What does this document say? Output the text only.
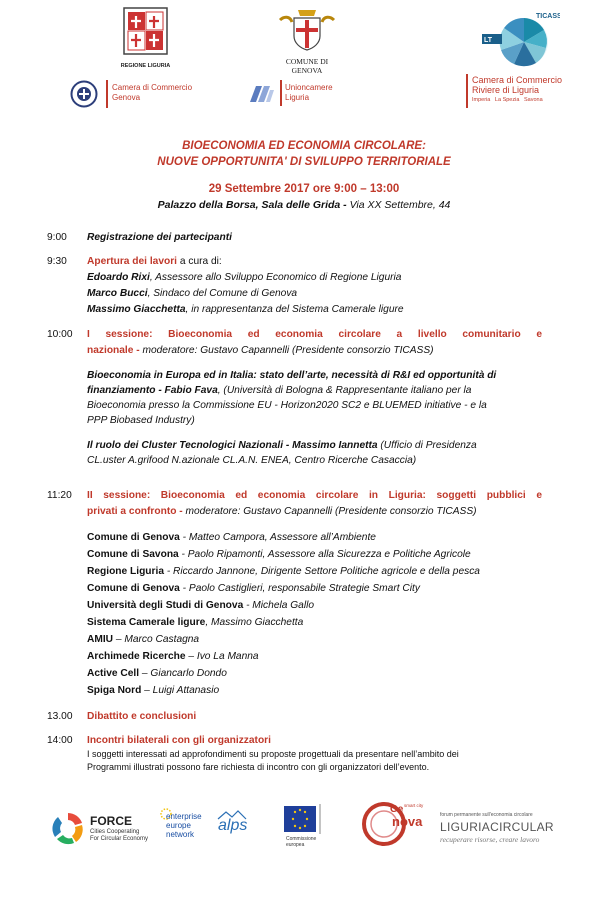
REGIONE LIGURIA	COMUNE DI GENOVA
LT
TICASS
Camera di Commercio
Genova
Unioncamere
Liguria
Camera di Commercio
Riviere di Liguria
Imperia   La Spezia   Savona
BIOECONOMIA ED ECONOMIA CIRCOLARE:
NUOVE OPPORTUNITA' DI SVILUPPO TERRITORIALE
29 Settembre 2017 ore 9:00 – 13:00
Palazzo della Borsa, Sala delle Grida - Via XX Settembre, 44
9:00 Registrazione dei partecipanti
9:30 Apertura dei lavori a cura di:
Edoardo Rixi, Assessore allo Sviluppo Economico di Regione Liguria
Marco Bucci, Sindaco del Comune di Genova
Massimo Giacchetta, in rappresentanza del Sistema Camerale ligure
10:00 I sessione: Bioeconomia ed economia circolare a livello comunitario e
nazionale - moderatore: Gustavo Capannelli (Presidente consorzio TICASS)
Bioeconomia in Europa ed in Italia: stato dell’arte, necessità di R&I ed opportunità di
finanziamento - Fabio Fava, (Università di Bologna & Rappresentante italiano per la
Bioeconomia presso la Commissione EU - Horizon2020 SC2 e BLUEMED initiative - e la
PPP Biobased Industry)
Il ruolo dei Cluster Tecnologici Nazionali - Massimo Iannetta (Ufficio di Presidenza
CL.uster A.grifood N.azionale CL.A.N. ENEA, Centro Ricerche Casaccia)
11:20 II sessione: Bioeconomia ed economia circolare in Liguria: soggetti pubblici e
privati a confronto - moderatore: Gustavo Capannelli (Presidente consorzio TICASS)
Comune di Genova - Matteo Campora, Assessore all’Ambiente
Comune di Savona - Paolo Ripamonti, Assessore alla Sicurezza e Politiche Agricole
Regione Liguria - Riccardo Jannone, Dirigente Settore Politiche agricole e della pesca
Comune di Genova - Paolo Castiglieri, responsabile Strategie Smart City
Università degli Studi di Genova - Michela Gallo
Sistema Camerale ligure, Massimo Giacchetta
AMIU – Marco Castagna
Archimede Ricerche – Ivo La Manna
Active Cell – Giancarlo Dondo
Spiga Nord – Luigi Attanasio
13.00 Dibattito e conclusioni
14:00 Incontri bilaterali con gli organizzatori
I soggetti interessati ad approfondimenti su proposte progettuali da presentare nell’ambito dei
Programmi illustrati possono fare richiesta di incontro con gli organizzatori dell’evento.
FORCE
Cities Cooperating
For Circular Economy
enterprise
europe
network
alps
Commissione
europea
Ge smart city
nova	forum permanente sull'economia circolare
LIGURIACIRCULAR
recuperare risorse, creare lavoro
